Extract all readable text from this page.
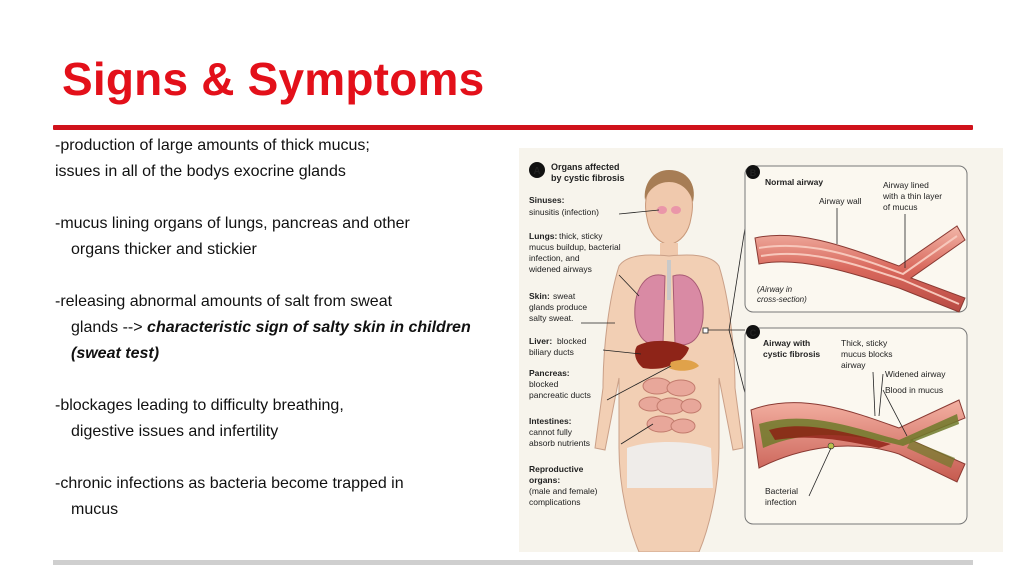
Signs & Symptoms
-production of large amounts of thick mucus;
issues in all of the bodys exocrine glands
-mucus lining organs of lungs, pancreas and other
organs thicker and stickier
-releasing abnormal amounts of salt from sweat
glands --> characteristic sign of salty skin in children (sweat test)
-blockages leading to difficulty breathing,
digestive issues and infertility
-chronic infections as bacteria become trapped in
mucus
A Organs affected
by cystic fibrosis
Sinuses:
sinusitis (infection)
Lungs: thick, sticky
mucus buildup, bacterial
infection, and
widened airways
Skin: sweat
glands produce
salty sweat.
Liver: blocked
biliary ducts
Pancreas:
blocked
pancreatic ducts
Intestines:
cannot fully
absorb nutrients
Reproductive
organs:
(male and female)
complications
B
Normal airway
Airway wall
Airway lined
with a thin layer
of mucus
(Airway in
cross-section)
C
Airway with
cystic fibrosis
Thick, sticky
mucus blocks
airway
Widened airway
Blood in mucus
Bacterial
infection
